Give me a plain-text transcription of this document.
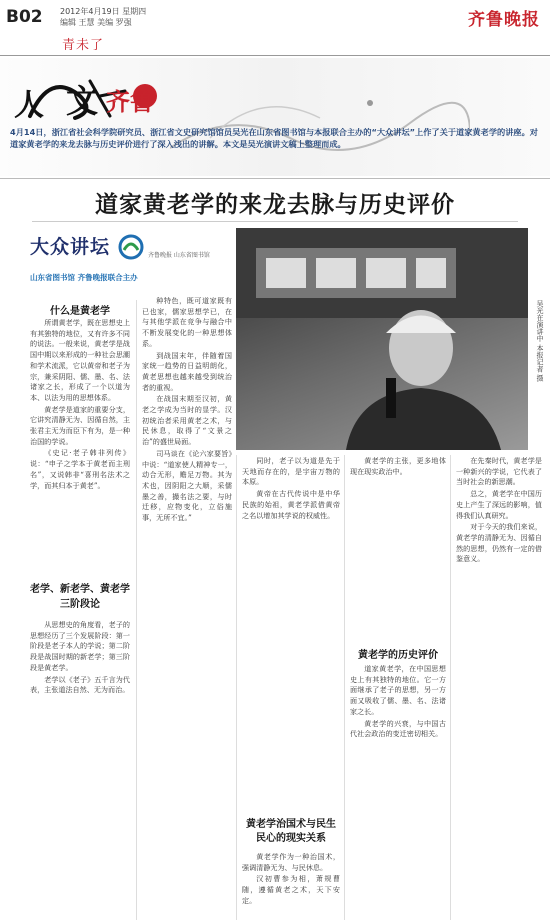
B02 2012年4月19日 星期四
编辑 王慧 美编 罗强	齐鲁晚报
青未了
人 文 齐鲁
4月14日，浙江省社会科学院研究员、浙江省文史研究馆馆员吴光在山东省图书馆与本报联合主办的“大众讲坛”上作了关于道家黄老学的讲座。对道家黄老学的来龙去脉与历史评价进行了深入浅出的讲解。本文是吴光演讲文稿上整理而成。
道家黄老学的来龙去脉与历史评价
大众讲坛	齐鲁晚报 山东省图书馆
山东省图书馆 齐鲁晚报联合主办
吴光在演讲中 本报记者 摄
什么是黄老学

所谓黄老学，既在思想史上有其独特的地位，又有许多不同的说法。一般来说，黄老学是战国中期以来形成的一种社会思潮和学术流派，它以黄帝和老子为宗，兼采阴阳、儒、墨、名、法诸家之长，形成了一个以道为本、以法为用的思想体系。

黄老学是道家的重要分支，它讲究清静无为、因循自然，主张君主无为而臣下有为，是一种治国的学说。

《史记·老子韩非列传》说：“申子之学本于黄老而主刑名”，又说韩非“喜刑名法术之学，而其归本于黄老”。

老学、新老学、黄老学三阶段论

从思想史的角度看，老子的思想经历了三个发展阶段：第一阶段是老子本人的学说；第二阶段是战国时期的新老学；第三阶段是黄老学。

老学以《老子》五千言为代表，主张道法自然、无为而治。

种特色，既可道家既有已也家，儒家思想学已，在与其他学派在竞争与融合中不断发展变化的一种思想体系。

到战国末年，伴随着国家统一趋势的日益明朗化，黄老思想也越来越受到统治者的重视。

在战国末期至汉初，黄老之学成为当时的显学。汉初统治者采用黄老之术，与民休息，取得了“文景之治”的盛世局面。

司马谈在《论六家要旨》中说：“道家使人精神专一，动合无形，赡足万物。其为术也，因阴阳之大顺，采儒墨之善，撮名法之要，与时迁移，应物变化，立俗施事，无所不宜。”

同时，老子以为道是先于天地而存在的，是宇宙万物的本原。

黄帝在古代传说中是中华民族的始祖，黄老学派借黄帝之名以增加其学说的权威性。

黄老学治国术与民生民心的现实关系

黄老学作为一种治国术，强调清静无为、与民休息。

汉初曹参为相，萧规曹随，遵循黄老之术，天下安定。

黄老学的主张，更多地体现在现实政治中。

黄老学的历史评价

道家黄老学，在中国思想史上有其独特的地位。它一方面继承了老子的思想，另一方面又吸收了儒、墨、名、法诸家之长。

黄老学的兴衰，与中国古代社会政治的变迁密切相关。

在先秦时代，黄老学是一种新兴的学说，它代表了当时社会的新思潮。

总之，黄老学在中国历史上产生了深远的影响，值得我们认真研究。

对于今天的我们来说，黄老学的清静无为、因循自然的思想，仍然有一定的借鉴意义。
